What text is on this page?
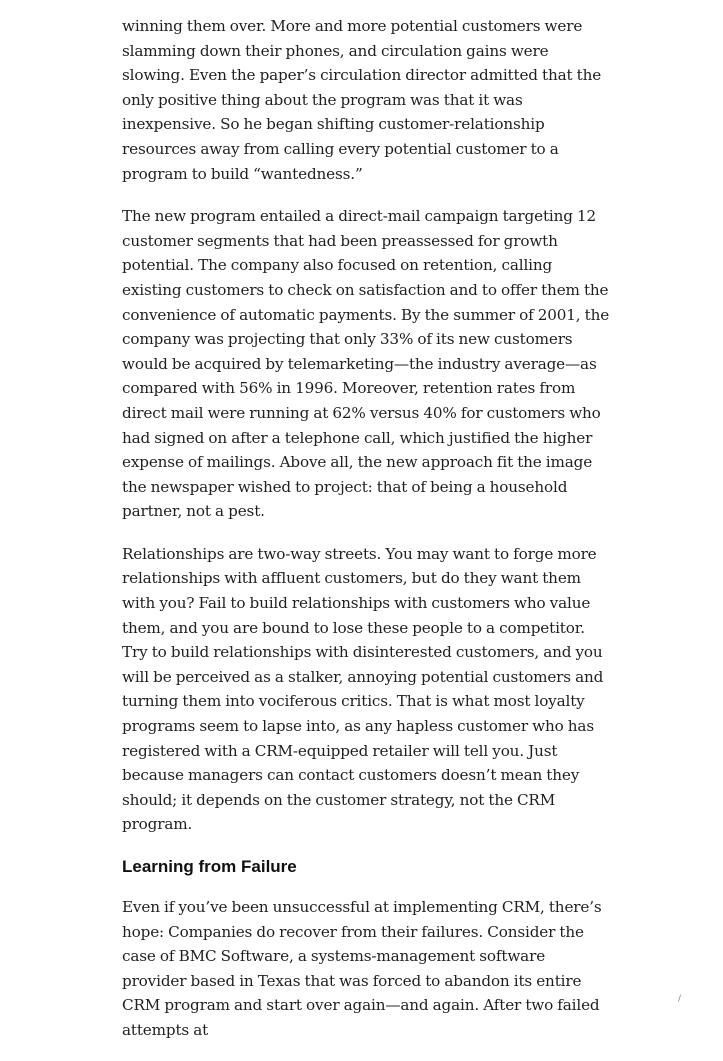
winning them over. More and more potential customers were slamming down their phones, and circulation gains were slowing. Even the paper’s circulation director admitted that the only positive thing about the program was that it was inexpensive. So he began shifting customer-relationship resources away from calling every potential customer to a program to build “wantedness.”

The new program entailed a direct-mail campaign targeting 12 customer segments that had been preassessed for growth potential. The company also focused on retention, calling existing customers to check on satisfaction and to offer them the convenience of automatic payments. By the summer of 2001, the company was projecting that only 33% of its new customers would be acquired by telemarketing—the industry average—as compared with 56% in 1996. Moreover, retention rates from direct mail were running at 62% versus 40% for customers who had signed on after a telephone call, which justified the higher expense of mailings. Above all, the new approach fit the image the newspaper wished to project: that of being a household partner, not a pest.

Relationships are two-way streets. You may want to forge more relationships with affluent customers, but do they want them with you? Fail to build relationships with customers who value them, and you are bound to lose these people to a competitor. Try to build relationships with disinterested customers, and you will be perceived as a stalker, annoying potential customers and turning them into vociferous critics. That is what most loyalty programs seem to lapse into, as any hapless customer who has registered with a CRM-equipped retailer will tell you. Just because managers can contact customers doesn’t mean they should; it depends on the customer strategy, not the CRM program.

Learning from Failure

Even if you’ve been unsuccessful at implementing CRM, there’s hope: Companies do recover from their failures. Consider the case of BMC Software, a systems-management software provider based in Texas that was forced to abandon its entire CRM program and start over again—and again. After two failed attempts at

/
